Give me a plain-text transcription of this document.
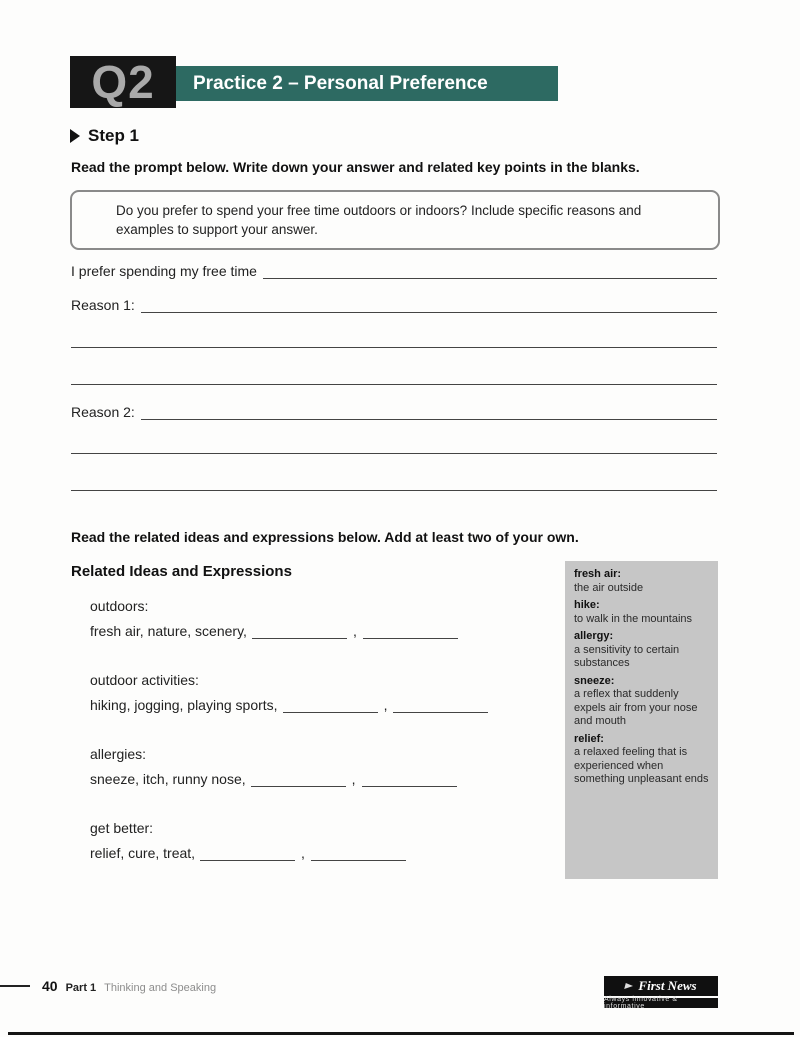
Q2	Practice 2 – Personal Preference
Step 1
Read the prompt below. Write down your answer and related key points in the blanks.
Do you prefer to spend your free time outdoors or indoors? Include specific reasons and examples to support your answer.
I prefer spending my free time
Reason 1:
Reason 2:
Read the related ideas and expressions below. Add at least two of your own.
Related Ideas and Expressions
outdoors:
fresh air, nature, scenery,	,
outdoor activities:
hiking, jogging, playing sports,	,
allergies:
sneeze, itch, runny nose,	,
get better:
relief, cure, treat,	,
fresh air:
the air outside
hike:
to walk in the mountains
allergy:
a sensitivity to certain substances
sneeze:
a reflex that suddenly expels air from your nose and mouth
relief:
a relaxed feeling that is experienced when something unpleasant ends
40 Part 1 Thinking and Speaking	First News
Always innovative & informative
